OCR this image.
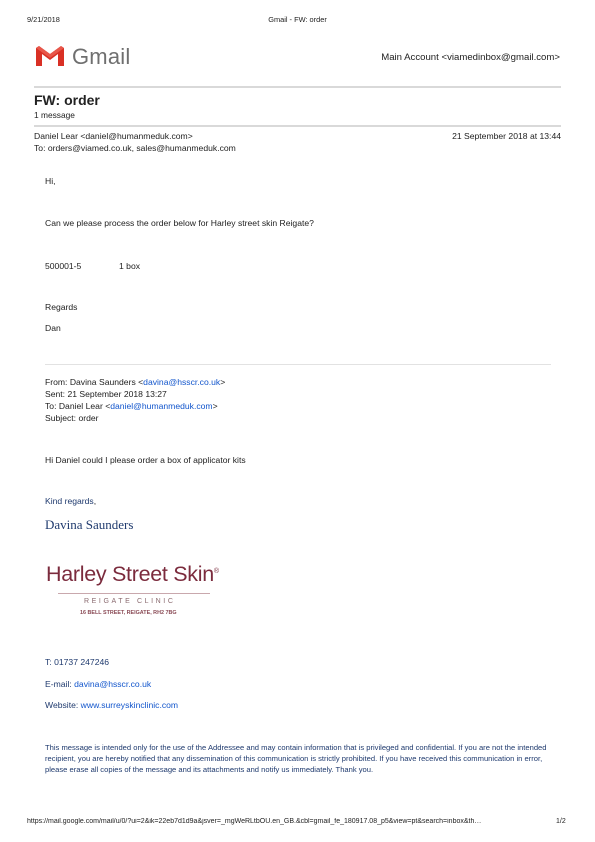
9/21/2018	Gmail - FW: order
Gmail	Main Account <viamedinbox@gmail.com>
FW: order
1 message
Daniel Lear <daniel@humanmeduk.com>	21 September 2018 at 13:44
To: orders@viamed.co.uk, sales@humanmeduk.com
Hi,
Can we please process the order below for Harley street skin Reigate?
500001-5	1 box
Regards
Dan
From: Davina Saunders <davina@hsscr.co.uk>
Sent: 21 September 2018 13:27
To: Daniel Lear <daniel@humanmeduk.com>
Subject: order
Hi Daniel could I please order a box of applicator kits
Kind regards,
Davina Saunders
Harley Street Skin®
REIGATE CLINIC
16 BELL STREET, REIGATE, RH2 7BG
T: 01737 247246
E-mail: davina@hsscr.co.uk
Website: www.surreyskinclinic.com
This message is intended only for the use of the Addressee and may contain information that is privileged and confidential. If you are not the intended recipient, you are hereby notified that any dissemination of this communication is strictly prohibited. If you have received this communication in error, please erase all copies of the message and its attachments and notify us immediately. Thank you.
https://mail.google.com/mail/u/0/?ui=2&ik=22eb7d1d9a&jsver=_mgWeRLtbOU.en_GB.&cbl=gmail_fe_180917.08_p5&view=pt&search=inbox&th…	1/2
